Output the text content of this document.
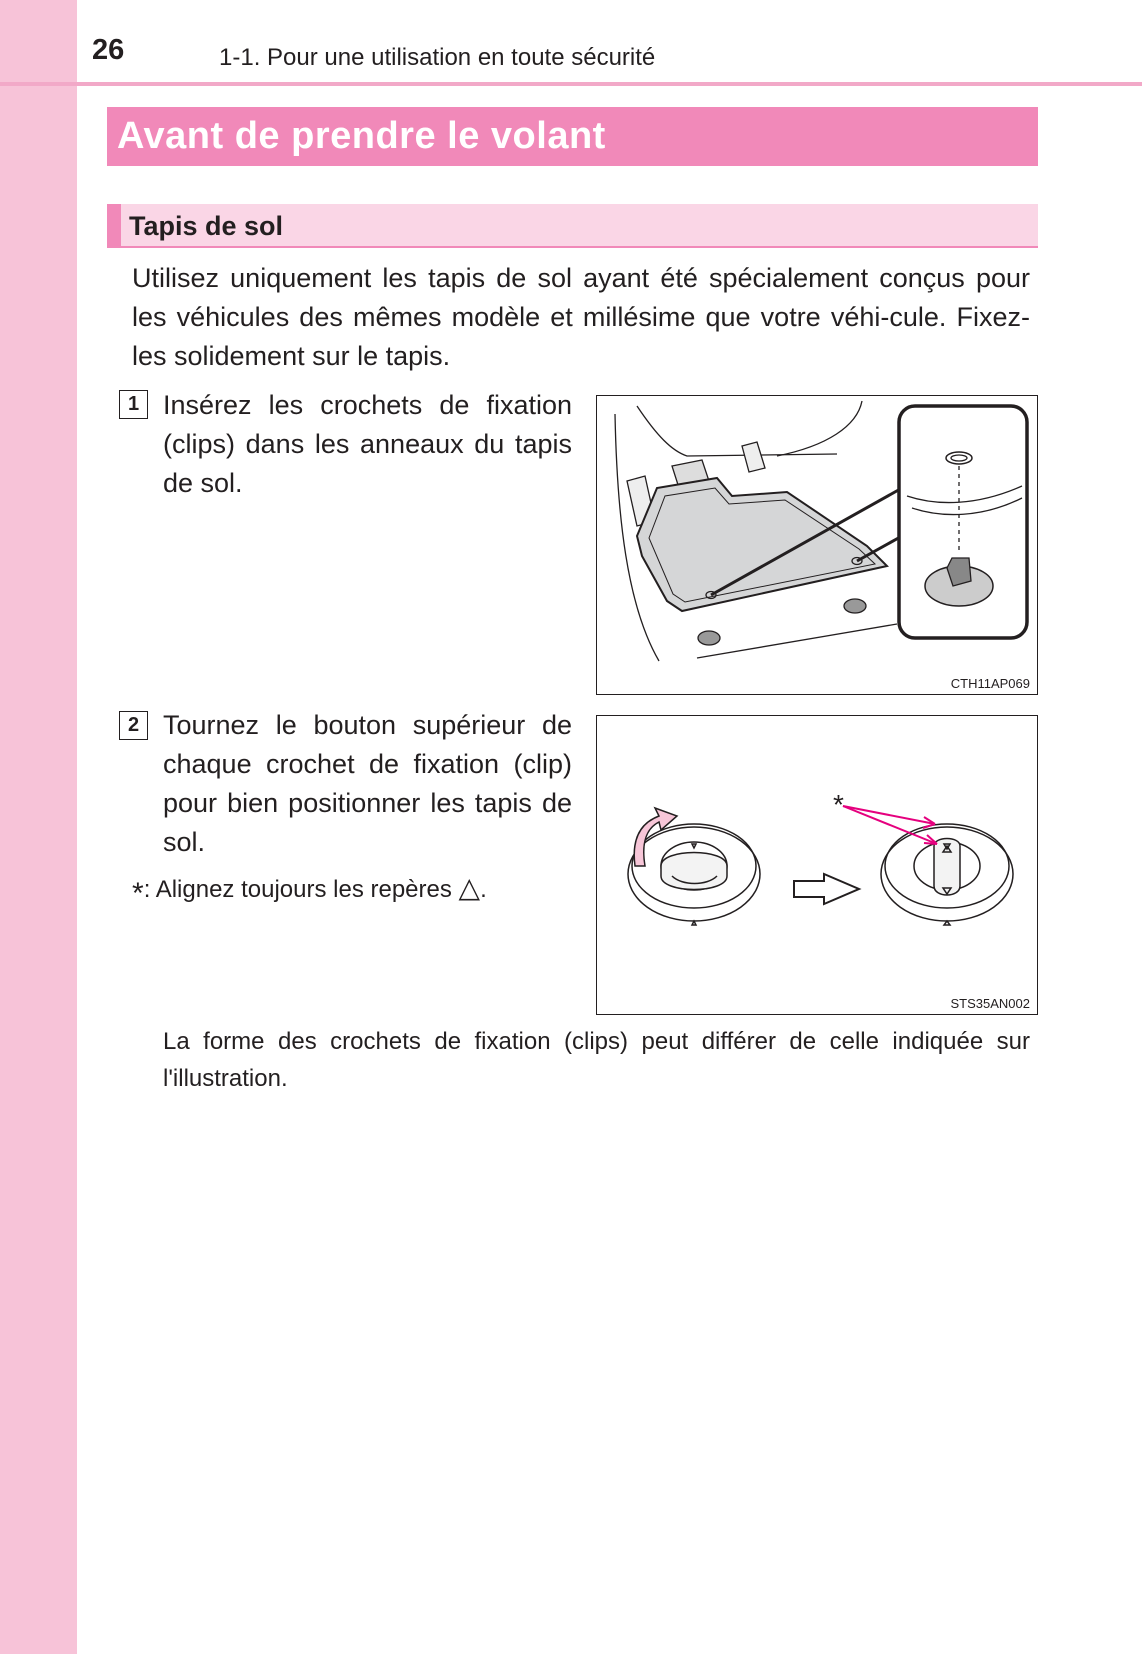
26	1-1. Pour une utilisation en toute sécurité
Avant de prendre le volant
Tapis de sol
Utilisez uniquement les tapis de sol ayant été spécialement conçus pour les véhicules des mêmes modèle et millésime que votre véhi-cule. Fixez-les solidement sur le tapis.
1 Insérez les crochets de fixation (clips) dans les anneaux du tapis de sol.
CTH11AP069
2 Tournez le bouton supérieur de chaque crochet de fixation (clip) pour bien positionner les tapis de sol.
*: Alignez toujours les repères △.
*
STS35AN002
La forme des crochets de fixation (clips) peut différer de celle indiquée sur l'illustration.
